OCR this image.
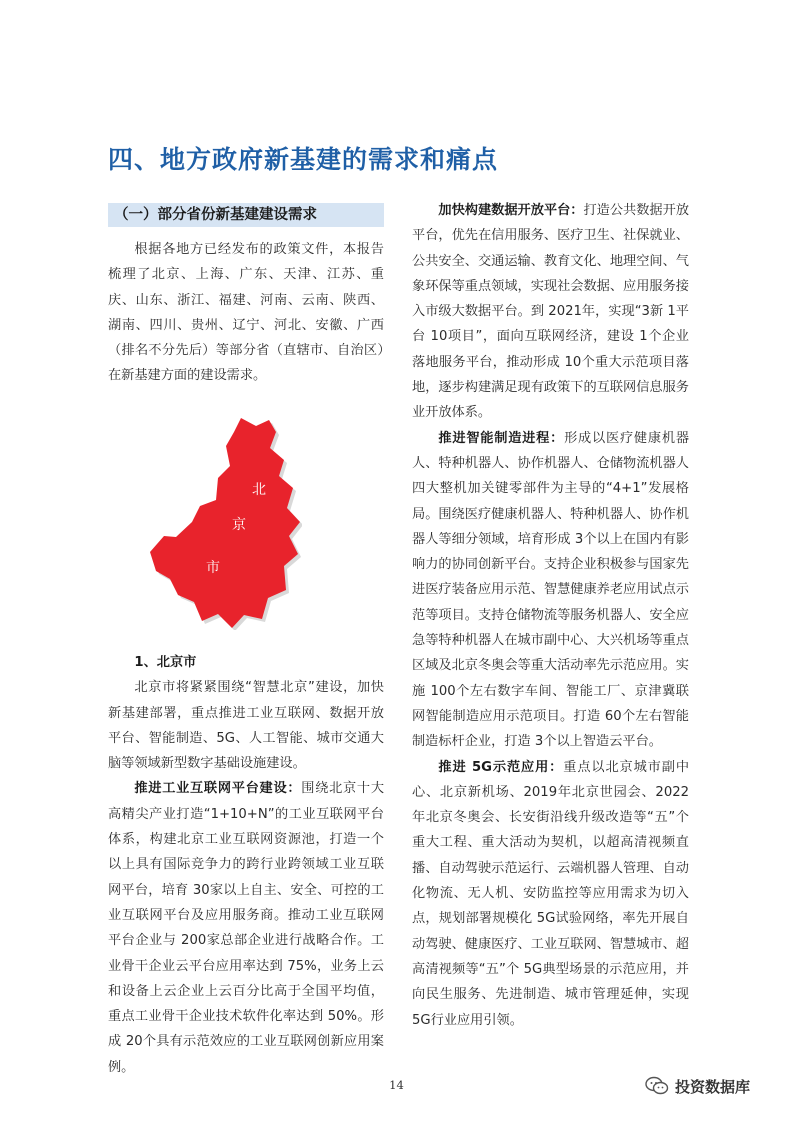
四、地方政府新基建的需求和痛点
（一）部分省份新基建建设需求

根据各地方已经发布的政策文件，本报告梳理了北京、上海、广东、天津、江苏、重庆、山东、浙江、福建、河南、云南、陕西、湖南、四川、贵州、辽宁、河北、安徽、广西（排名不分先后）等部分省（直辖市、自治区）在新基建方面的建设需求。

北
京
市

1、北京市

北京市将紧紧围绕“智慧北京”建设，加快新基建部署，重点推进工业互联网、数据开放平台、智能制造、5G、人工智能、城市交通大脑等领域新型数字基础设施建设。

推进工业互联网平台建设：围绕北京十大高精尖产业打造“1+10+N”的工业互联网平台体系，构建北京工业互联网资源池，打造一个以上具有国际竞争力的跨行业跨领域工业互联网平台，培育 30家以上自主、安全、可控的工业互联网平台及应用服务商。推动工业互联网平台企业与 200家总部企业进行战略合作。工业骨干企业云平台应用率达到 75%，业务上云和设备上云企业上云百分比高于全国平均值，重点工业骨干企业技术软件化率达到 50%。形成 20个具有示范效应的工业互联网创新应用案例。

加快构建数据开放平台：打造公共数据开放平台，优先在信用服务、医疗卫生、社保就业、公共安全、交通运输、教育文化、地理空间、气象环保等重点领域，实现社会数据、应用服务接入市级大数据平台。到 2021年，实现“3新 1平台 10项目”，面向互联网经济，建设 1个企业落地服务平台，推动形成 10个重大示范项目落地，逐步构建满足现有政策下的互联网信息服务业开放体系。

推进智能制造进程：形成以医疗健康机器人、特种机器人、协作机器人、仓储物流机器人四大整机加关键零部件为主导的“4+1”发展格局。围绕医疗健康机器人、特种机器人、协作机器人等细分领域，培育形成 3个以上在国内有影响力的协同创新平台。支持企业积极参与国家先进医疗装备应用示范、智慧健康养老应用试点示范等项目。支持仓储物流等服务机器人、安全应急等特种机器人在城市副中心、大兴机场等重点区域及北京冬奥会等重大活动率先示范应用。实施 100个左右数字车间、智能工厂、京津冀联网智能制造应用示范项目。打造 60个左右智能制造标杆企业，打造 3个以上智造云平台。

推进 5G示范应用：重点以北京城市副中心、北京新机场、2019年北京世园会、2022年北京冬奥会、长安街沿线升级改造等“五”个重大工程、重大活动为契机，以超高清视频直播、自动驾驶示范运行、云端机器人管理、自动化物流、无人机、安防监控等应用需求为切入点，规划部署规模化 5G试验网络，率先开展自动驾驶、健康医疗、工业互联网、智慧城市、超高清视频等“五”个 5G典型场景的示范应用，并向民生服务、先进制造、城市管理延伸，实现 5G行业应用引领。

14	投资数据库
